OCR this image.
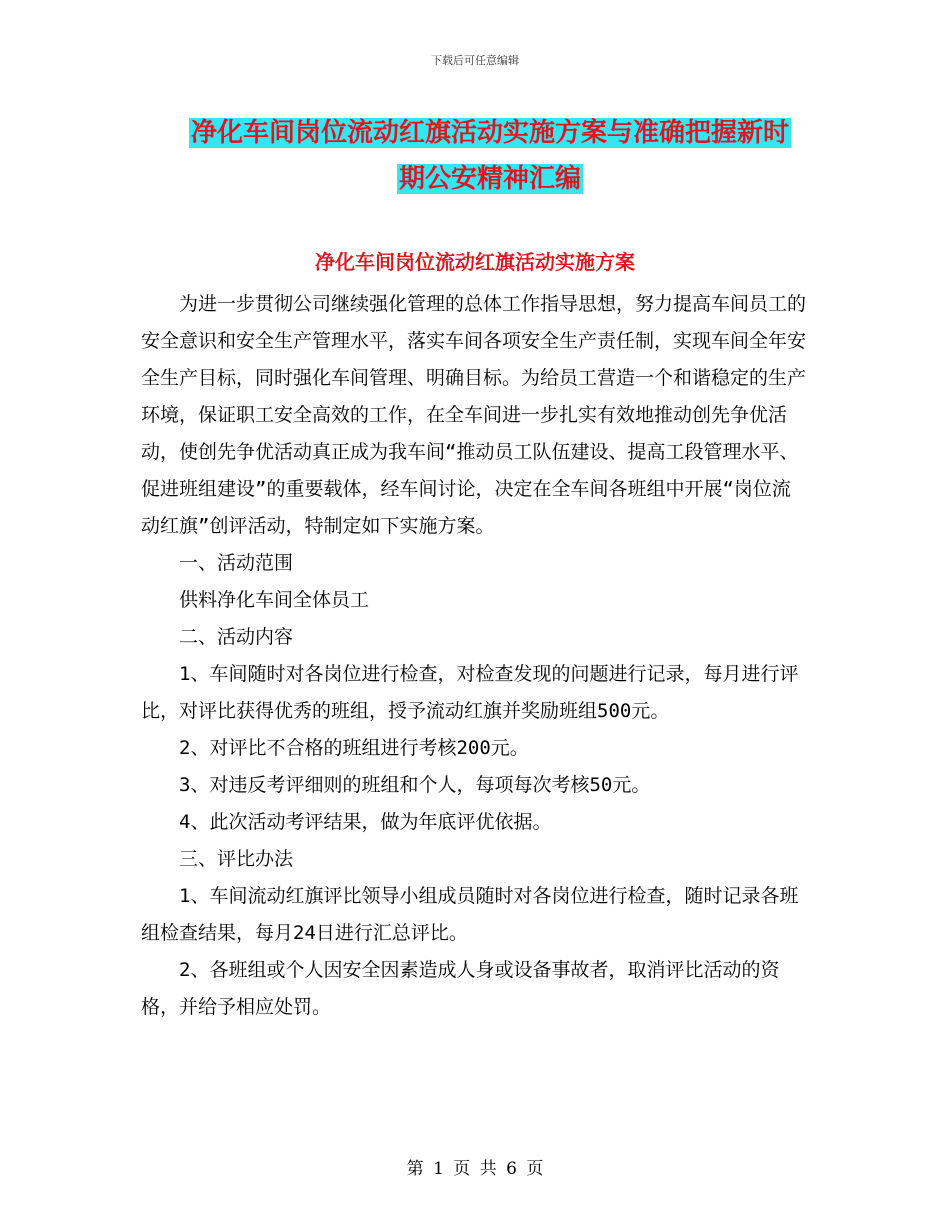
下载后可任意编辑
净化车间岗位流动红旗活动实施方案与准确把握新时
期公安精神汇编
净化车间岗位流动红旗活动实施方案

为进一步贯彻公司继续强化管理的总体工作指导思想，努力提高车间员工的安全意识和安全生产管理水平，落实车间各项安全生产责任制，实现车间全年安全生产目标，同时强化车间管理、明确目标。为给员工营造一个和谐稳定的生产环境，保证职工安全高效的工作，在全车间进一步扎实有效地推动创先争优活动，使创先争优活动真正成为我车间“推动员工队伍建设、提高工段管理水平、促进班组建设”的重要载体，经车间讨论，决定在全车间各班组中开展“岗位流动红旗”创评活动，特制定如下实施方案。

一、活动范围

供料净化车间全体员工

二、活动内容

1、车间随时对各岗位进行检查，对检查发现的问题进行记录，每月进行评比，对评比获得优秀的班组，授予流动红旗并奖励班组500元。

2、对评比不合格的班组进行考核200元。

3、对违反考评细则的班组和个人，每项每次考核50元。

4、此次活动考评结果，做为年底评优依据。

三、评比办法

1、车间流动红旗评比领导小组成员随时对各岗位进行检查，随时记录各班组检查结果，每月24日进行汇总评比。

2、各班组或个人因安全因素造成人身或设备事故者，取消评比活动的资格，并给予相应处罚。

第 1 页 共 6 页
